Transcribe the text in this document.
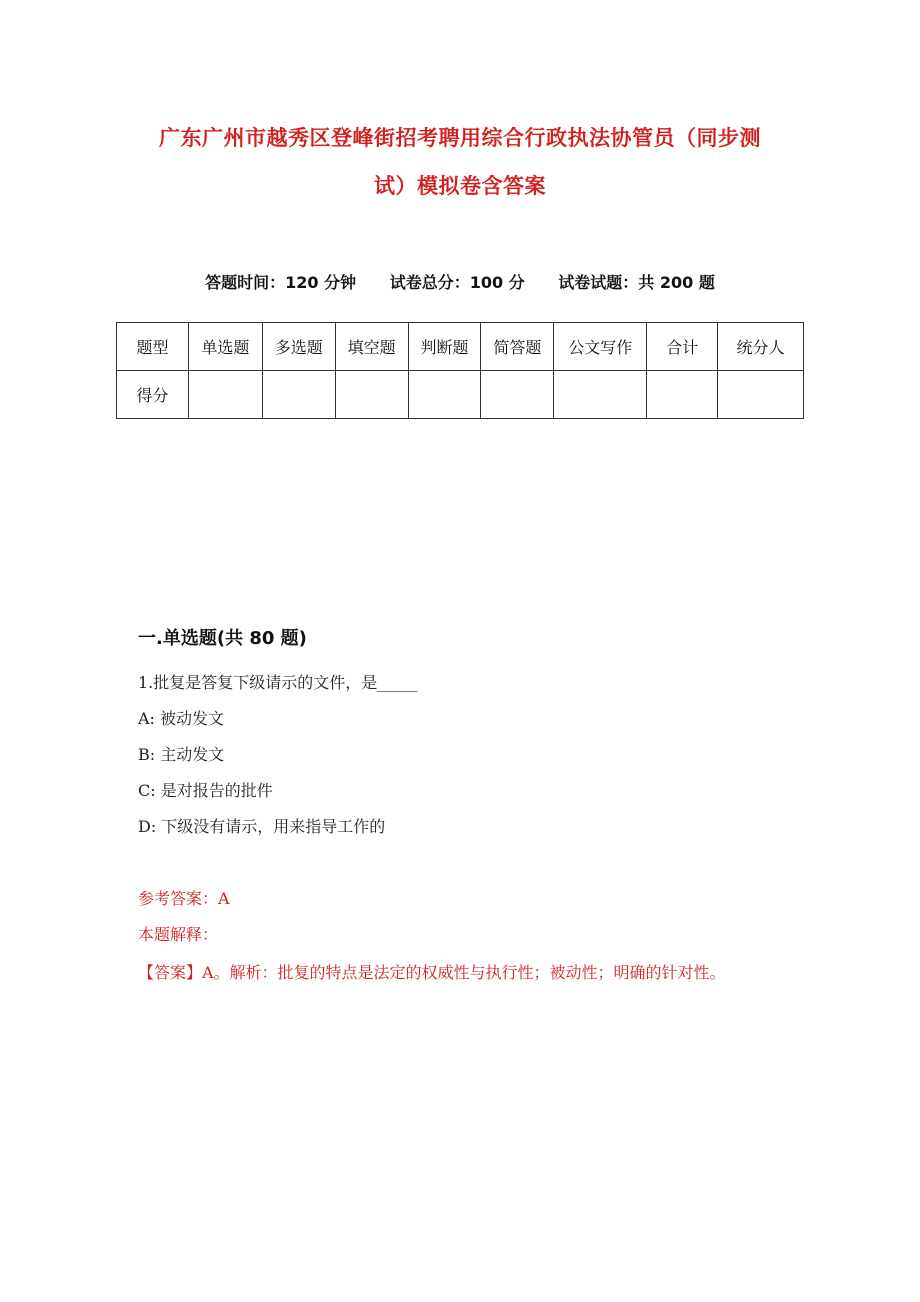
广东广州市越秀区登峰街招考聘用综合行政执法协管员（同步测
试）模拟卷含答案
答题时间：120 分钟 试卷总分：100 分 试卷试题：共 200 题
题型	单选题	多选题	填空题	判断题	简答题	公文写作	合计	统分人
得分								
一.单选题(共 80 题)
1.批复是答复下级请示的文件，是_____
A: 被动发文
B: 主动发文
C: 是对报告的批件
D: 下级没有请示，用来指导工作的
参考答案：A
本题解释：
【答案】A。解析：批复的特点是法定的权威性与执行性；被动性；明确的针对性。
